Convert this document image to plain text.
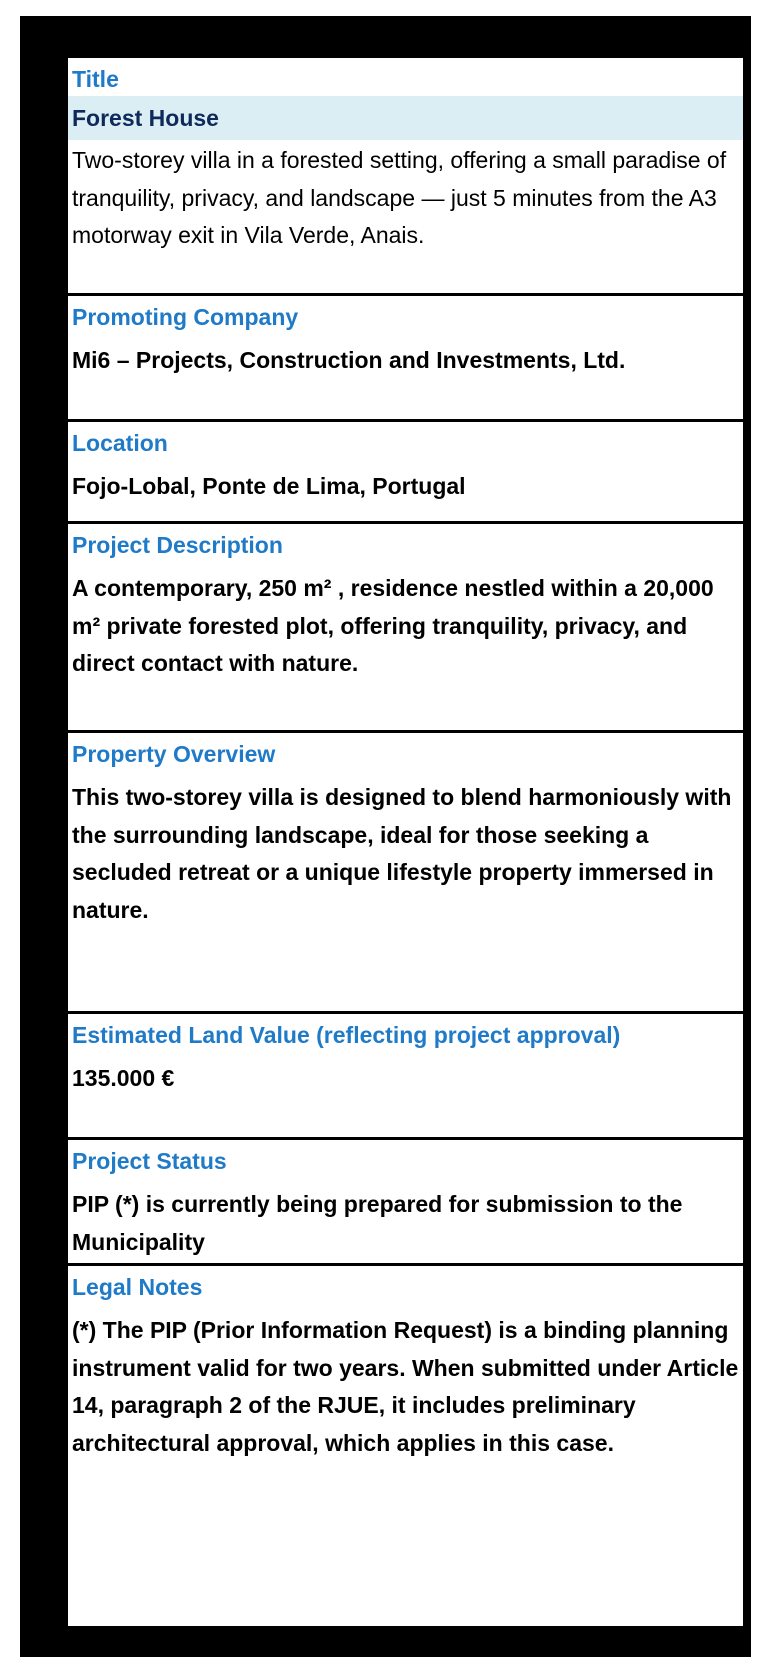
Title
Forest House
Two-storey villa in a forested setting, offering a small paradise of tranquility, privacy, and landscape — just 5 minutes from the A3 motorway exit in Vila Verde, Anais.
Promoting Company
Mi6 – Projects, Construction and Investments, Ltd.
Location
Fojo-Lobal, Ponte de Lima, Portugal
Project Description
A contemporary, 250 m² , residence nestled within a 20,000 m² private forested plot, offering tranquility, privacy, and direct contact with nature.
Property Overview
This two-storey villa is designed to blend harmoniously with the surrounding landscape, ideal for those seeking a secluded retreat or a unique lifestyle property immersed in nature.
Estimated Land Value (reflecting project approval)
135.000 €
Project Status
PIP (*) is currently being prepared for submission to the Municipality
Legal Notes
(*) The PIP (Prior Information Request) is a binding planning instrument valid for two years. When submitted under Article 14, paragraph 2 of the RJUE, it includes preliminary architectural approval, which applies in this case.
